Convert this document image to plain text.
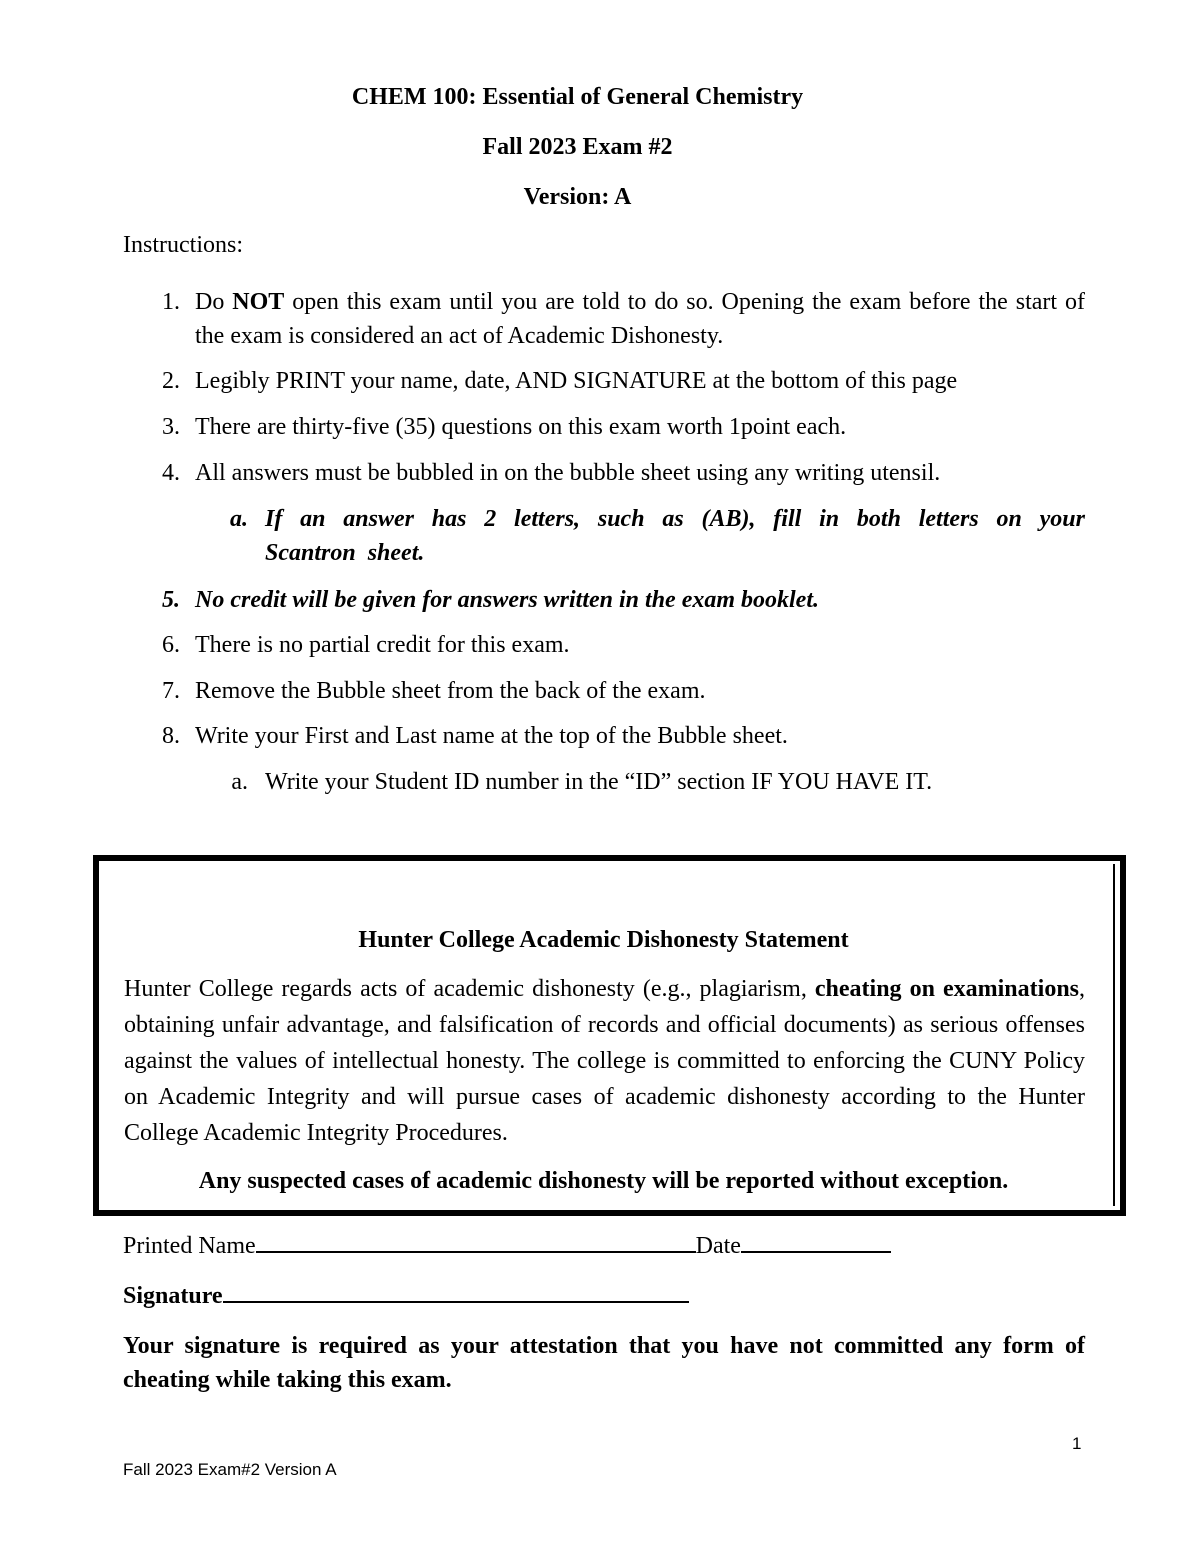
CHEM 100: Essential of General Chemistry
Fall 2023 Exam #2
Version: A
Instructions:
1. Do NOT open this exam until you are told to do so. Opening the exam before the start of the exam is considered an act of Academic Dishonesty.
2. Legibly PRINT your name, date, AND SIGNATURE at the bottom of this page
3. There are thirty-five (35) questions on this exam worth 1point each.
4. All answers must be bubbled in on the bubble sheet using any writing utensil.
a. If an answer has 2 letters, such as (AB), fill in both letters on your Scantron sheet.
5. No credit will be given for answers written in the exam booklet.
6. There is no partial credit for this exam.
7. Remove the Bubble sheet from the back of the exam.
8. Write your First and Last name at the top of the Bubble sheet.
a. Write your Student ID number in the “ID” section IF YOU HAVE IT.
Hunter College Academic Dishonesty Statement
Hunter College regards acts of academic dishonesty (e.g., plagiarism, cheating on examinations, obtaining unfair advantage, and falsification of records and official documents) as serious offenses against the values of intellectual honesty. The college is committed to enforcing the CUNY Policy on Academic Integrity and will pursue cases of academic dishonesty according to the Hunter College Academic Integrity Procedures.
Any suspected cases of academic dishonesty will be reported without exception.
Printed Name	Date
Signature
Your signature is required as your attestation that you have not committed any form of cheating while taking this exam.
1
Fall 2023 Exam#2 Version A
